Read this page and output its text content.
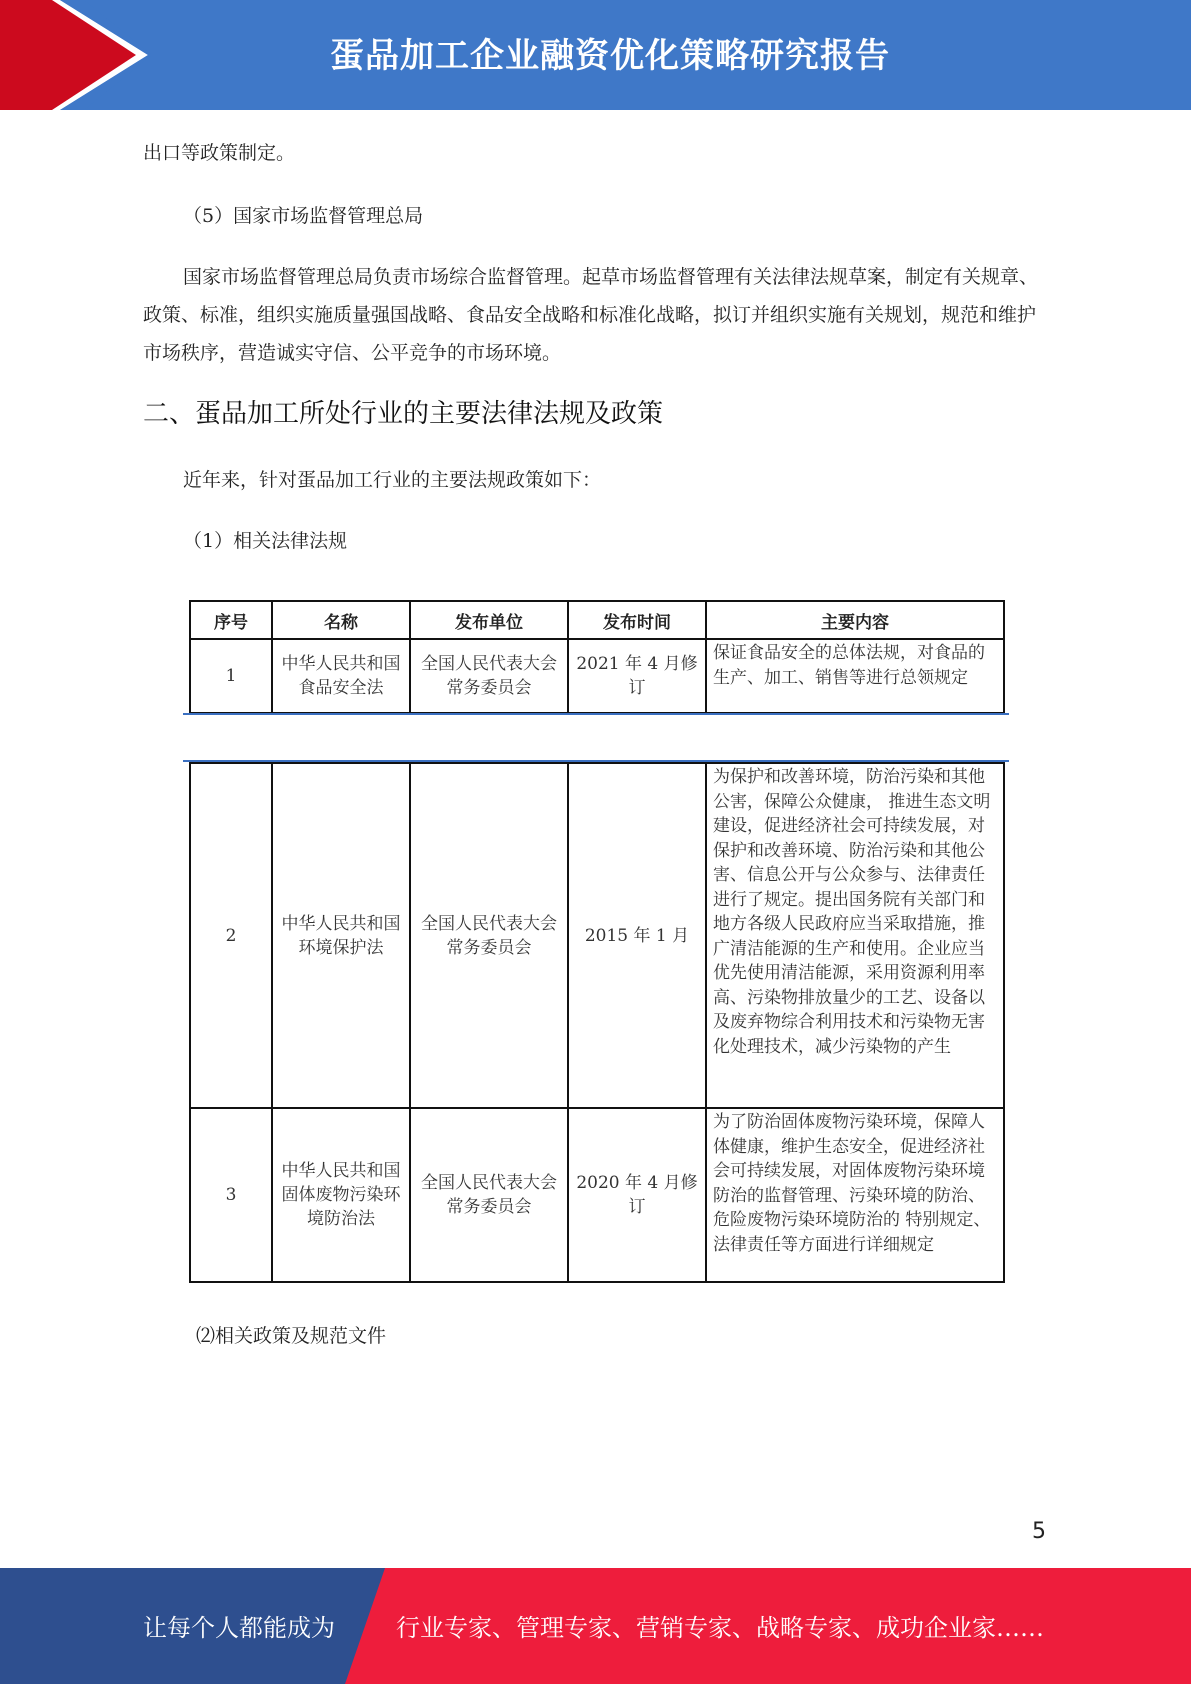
蛋品加工企业融资优化策略研究报告
出口等政策制定。
（5）国家市场监督管理总局
国家市场监督管理总局负责市场综合监督管理。起草市场监督管理有关法律法规草案，制定有关规章、政策、标准，组织实施质量强国战略、食品安全战略和标准化战略，拟订并组织实施有关规划，规范和维护市场秩序，营造诚实守信、公平竞争的市场环境。
二、蛋品加工所处行业的主要法律法规及政策
近年来，针对蛋品加工行业的主要法规政策如下：
（1）相关法律法规
序号	名称	发布单位	发布时间	主要内容
1	中华人民共和国食品安全法	全国人民代表大会常务委员会	2021 年 4 月修订	保证食品安全的总体法规，对食品的生产、加工、销售等进行总领规定
2	中华人民共和国环境保护法	全国人民代表大会常务委员会	2015 年 1 月	为保护和改善环境，防治污染和其他公害，保障公众健康， 推进生态文明建设，促进经济社会可持续发展，对保护和改善环境、防治污染和其他公害、信息公开与公众参与、法律责任进行了规定。提出国务院有关部门和地方各级人民政府应当采取措施，推广清洁能源的生产和使用。企业应当优先使用清洁能源，采用资源利用率高、污染物排放量少的工艺、设备以及废弃物综合利用技术和污染物无害 化处理技术，减少污染物的产生
3	中华人民共和国固体废物污染环境防治法	全国人民代表大会常务委员会	2020 年 4 月修订	为了防治固体废物污染环境，保障人体健康，维护生态安全，促进经济社会可持续发展，对固体废物污染环境防治的监督管理、污染环境的防治、危险废物污染环境防治的 特别规定、法律责任等方面进行详细规定
⑵相关政策及规范文件
5
让每个人都能成为	行业专家、管理专家、营销专家、战略专家、成功企业家……
